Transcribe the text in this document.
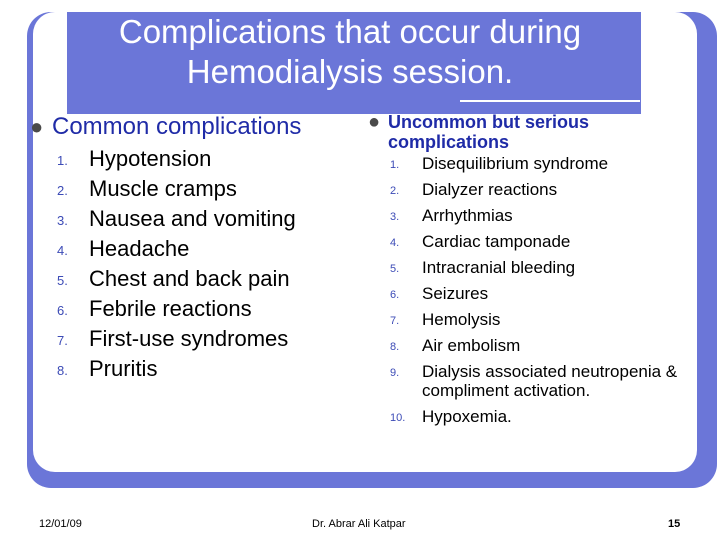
Complications that occur during
Hemodialysis session.

● Common complications

1. Hypotension
2. Muscle cramps
3. Nausea and vomiting
4. Headache
5. Chest and back pain
6. Febrile reactions
7. First-use syndromes
8. Pruritis

● Uncommon but serious complications

1. Disequilibrium syndrome
2. Dialyzer reactions
3. Arrhythmias
4. Cardiac tamponade
5. Intracranial bleeding
6. Seizures
7. Hemolysis
8. Air embolism
9. Dialysis associated neutropenia & compliment activation.
10. Hypoxemia.
12/01/09	Dr. Abrar Ali Katpar	15
